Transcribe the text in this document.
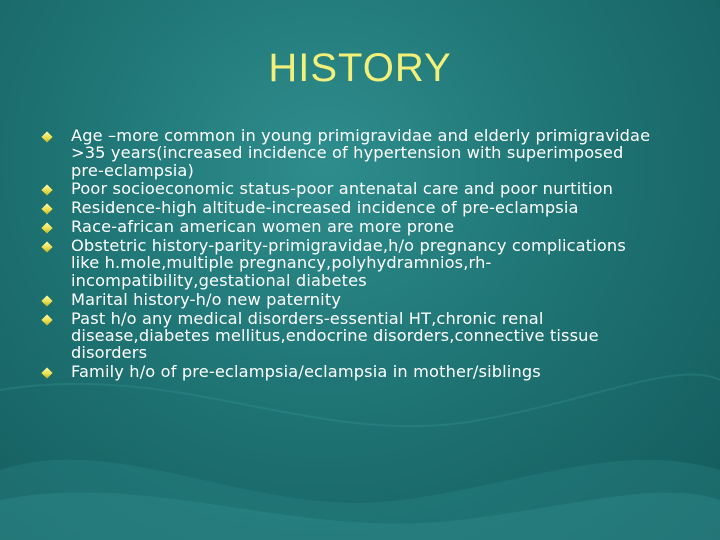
HISTORY
Age –more common in young primigravidae and elderly primigravidae >35 years(increased incidence of hypertension with superimposed pre-eclampsia)
Poor socioeconomic status-poor antenatal care and poor nurtition
Residence-high altitude-increased incidence of pre-eclampsia
Race-african american women are more prone
Obstetric history-parity-primigravidae,h/o pregnancy complications like h.mole,multiple pregnancy,polyhydramnios,rh-incompatibility,gestational diabetes
Marital history-h/o new paternity
Past h/o any medical disorders-essential HT,chronic renal disease,diabetes mellitus,endocrine disorders,connective tissue disorders
Family h/o of pre-eclampsia/eclampsia in mother/siblings
